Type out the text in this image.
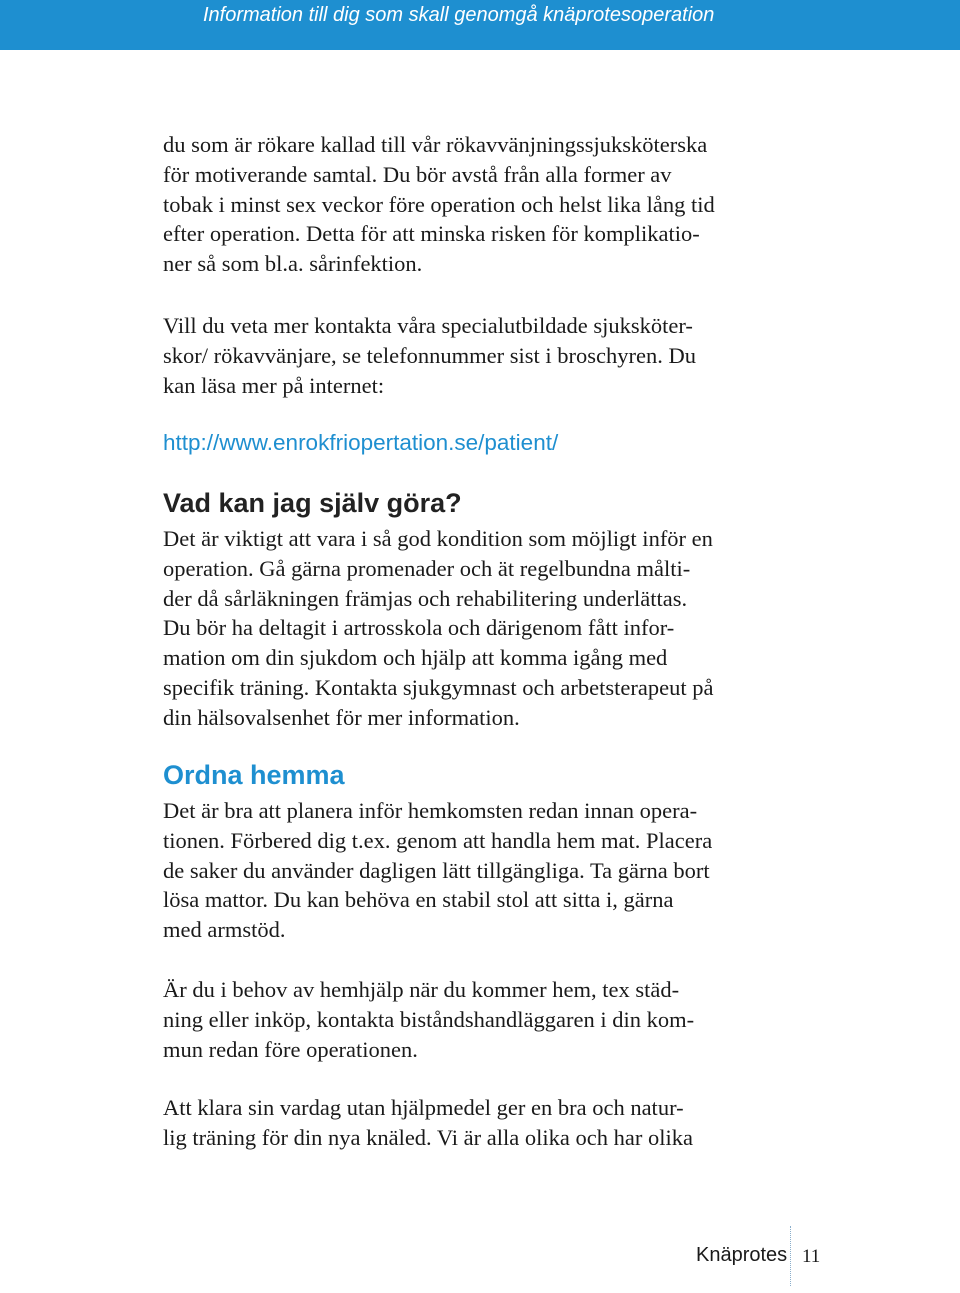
Information till dig som skall genomgå knäprotesoperation
du som är rökare kallad till vår rökavvänjningssjuksköterska
för motiverande samtal. Du bör avstå från alla former av
tobak i minst sex veckor före operation och helst lika lång tid
efter operation. Detta för att minska risken för komplikatio-
ner så som bl.a. sårinfektion.
Vill du veta mer kontakta våra specialutbildade sjuksköter-
skor/ rökavvänjare, se telefonnummer sist i broschyren. Du
kan läsa mer på internet:
http://www.enrokfriopertation.se/patient/
Vad kan jag själv göra?
Det är viktigt att vara i så god kondition som möjligt inför en
operation. Gå gärna promenader och ät regelbundna målti-
der då sårläkningen främjas och rehabilitering underlättas.
Du bör ha deltagit i artrosskola och därigenom fått infor-
mation om din sjukdom och hjälp att komma igång med
specifik träning. Kontakta sjukgymnast och arbetsterapeut på
din hälsovalsenhet för mer information.
Ordna hemma
Det är bra att planera inför hemkomsten redan innan opera-
tionen. Förbered dig t.ex. genom att handla hem mat. Placera
de saker du använder dagligen lätt tillgängliga. Ta gärna bort
lösa mattor. Du kan behöva en stabil stol att sitta i, gärna
med armstöd.
Är du i behov av hemhjälp när du kommer hem, tex städ-
ning eller inköp, kontakta biståndshandläggaren i din kom-
mun redan före operationen.
Att klara sin vardag utan hjälpmedel ger en bra och natur-
lig träning för din nya knäled. Vi är alla olika och har olika
Knäprotes 11
